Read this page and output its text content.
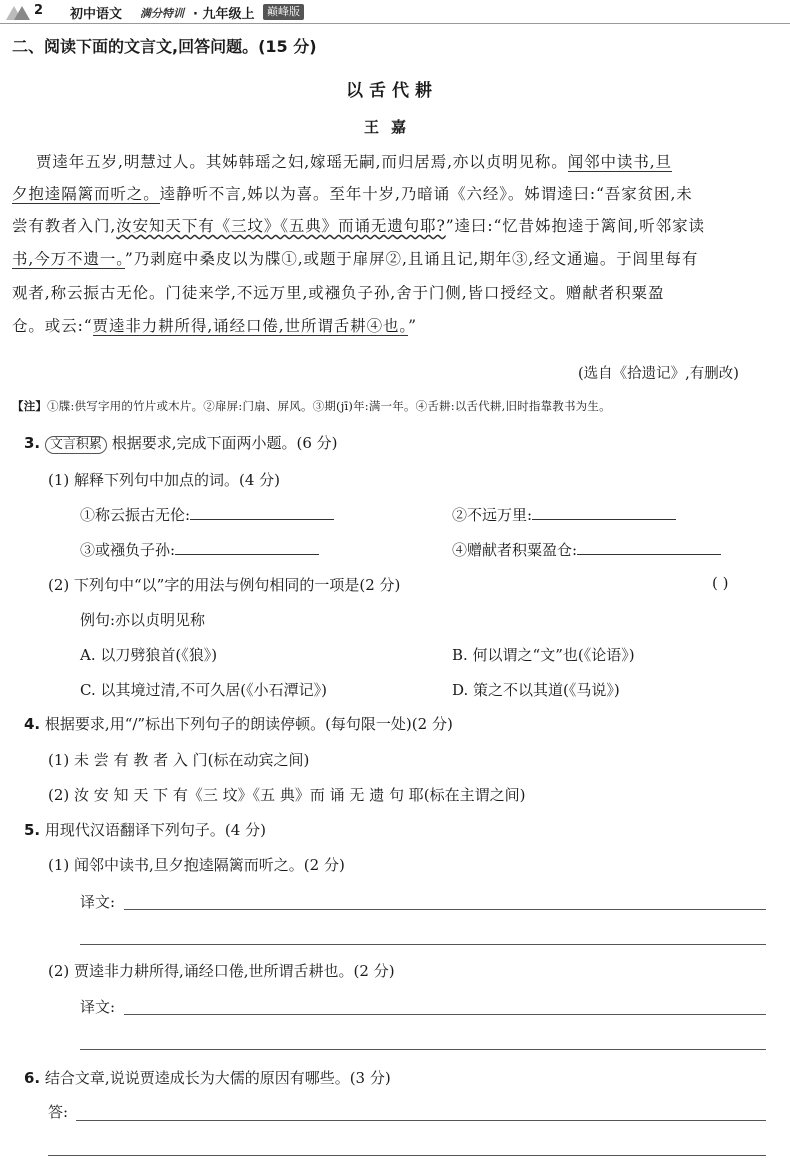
2 初中语文 满分特训 · 九年级上	巅峰版
二、阅读下面的文言文,回答问题。(15 分)
以舌代耕
王嘉
贾逵年五岁,明慧过人。其姊韩瑶之妇,嫁瑶无嗣,而归居焉,亦以贞明见称。闻邻中读书,旦
夕抱逵隔篱而听之。逵静听不言,姊以为喜。至年十岁,乃暗诵《六经》。姊谓逵曰:“吾家贫困,未
尝有教者入门,汝安知天下有《三坟》《五典》而诵无遗句耶?”逵曰:“忆昔姊抱逵于篱间,听邻家读
书,今万不遗一。”乃剥庭中桑皮以为牒①,或题于扉屏②,且诵且记,期年③,经文通遍。于闾里每有
观者,称云振古无伦。门徒来学,不远万里,或襁负子孙,舍于门侧,皆口授经文。赠献者积粟盈
仓。或云:“贾逵非力耕所得,诵经口倦,世所谓舌耕④也。”
(选自《拾遗记》,有删改)
【注】①牒:供写字用的竹片或木片。②扉屏:门扇、屏风。③期(jī)年:满一年。④舌耕:以舌代耕,旧时指靠教书为生。
3. 文言积累 根据要求,完成下面两小题。(6 分)
(1) 解释下列句中加点的词。(4 分)
①称云振古无伦:	②不远万里:
③或襁负子孙:	④赠献者积粟盈仓:
(2) 下列句中“以”字的用法与例句相同的一项是(2 分)	( )
例句:亦以贞明见称
A. 以刀劈狼首(《狼》)	B. 何以谓之“文”也(《论语》)
C. 以其境过清,不可久居(《小石潭记》)	D. 策之不以其道(《马说》)
4. 根据要求,用“/”标出下列句子的朗读停顿。(每句限一处)(2 分)
(1) 未 尝 有 教 者 入 门(标在动宾之间)
(2) 汝 安 知 天 下 有《三 坟》《五 典》而 诵 无 遗 句 耶(标在主谓之间)
5. 用现代汉语翻译下列句子。(4 分)
(1) 闻邻中读书,旦夕抱逵隔篱而听之。(2 分)
译文:
(2) 贾逵非力耕所得,诵经口倦,世所谓舌耕也。(2 分)
译文:
6. 结合文章,说说贾逵成长为大儒的原因有哪些。(3 分)
答:
